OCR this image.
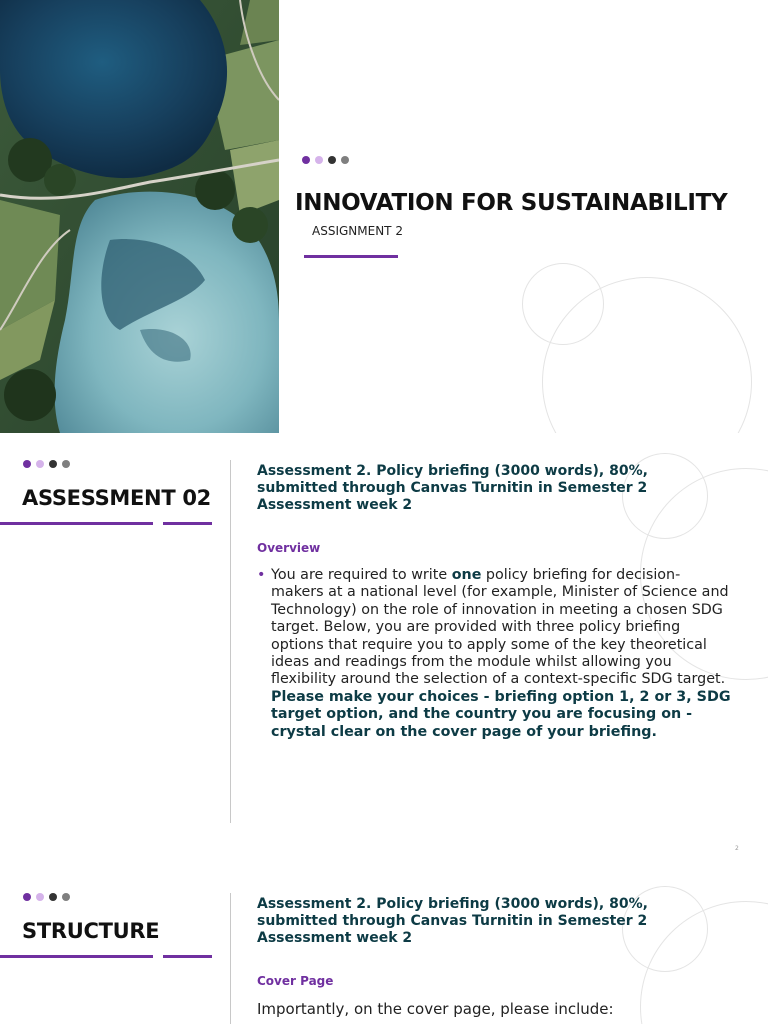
INNOVATION FOR SUSTAINABILITY
ASSIGNMENT 2
ASSESSMENT 02
Assessment 2. Policy briefing (3000 words), 80%,
submitted through Canvas Turnitin in Semester 2
Assessment week 2
Overview
• You are required to write one policy briefing for decision-makers at a national level (for example, Minister of Science and Technology) on the role of innovation in meeting a chosen SDG target. Below, you are provided with three policy briefing options that require you to apply some of the key theoretical ideas and readings from the module whilst allowing you flexibility around the selection of a context-specific SDG target. Please make your choices - briefing option 1, 2 or 3, SDG target option, and the country you are focusing on - crystal clear on the cover page of your briefing.
2
STRUCTURE
Assessment 2. Policy briefing (3000 words), 80%,
submitted through Canvas Turnitin in Semester 2
Assessment week 2
Cover Page
Importantly, on the cover page, please include:
